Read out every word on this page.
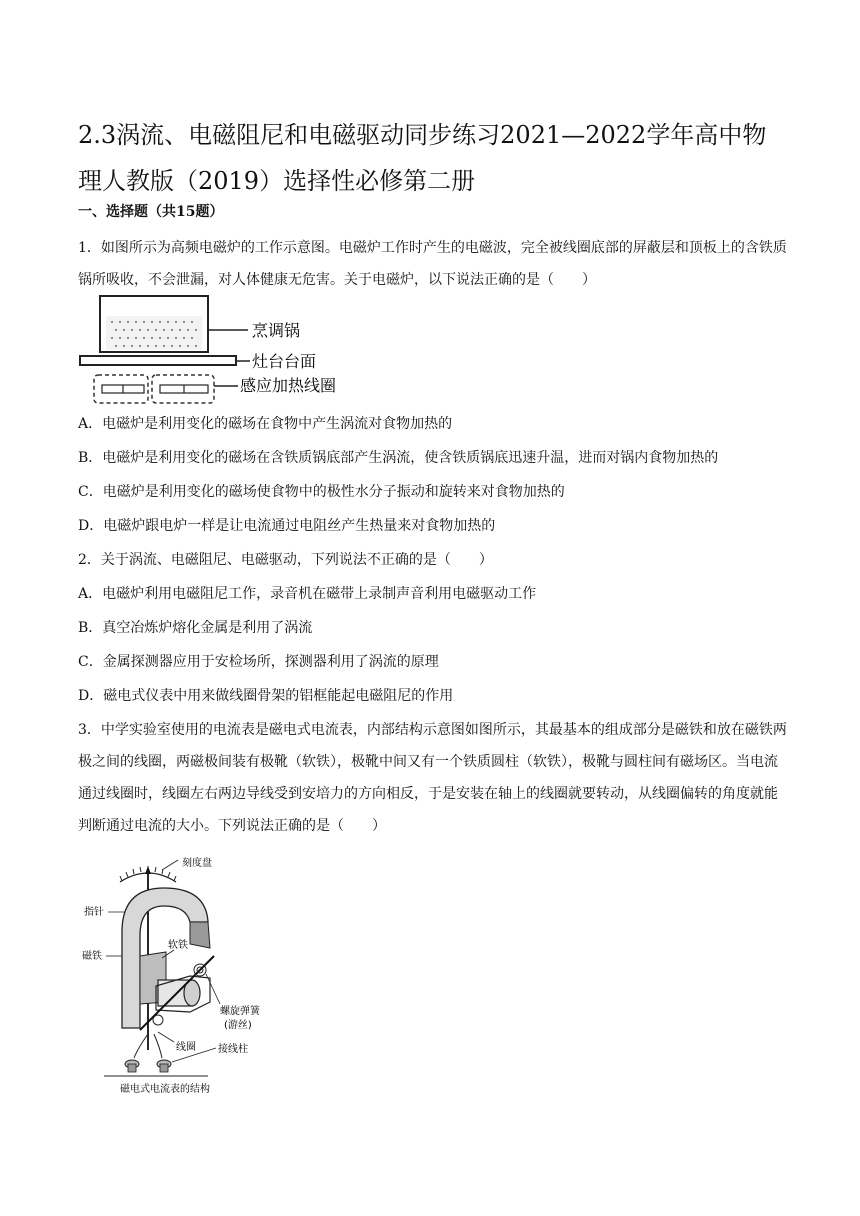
2.3涡流、电磁阻尼和电磁驱动同步练习2021—2022学年高中物理人教版（2019）选择性必修第二册
一、选择题（共15题）

1．如图所示为高频电磁炉的工作示意图。电磁炉工作时产生的电磁波，完全被线圈底部的屏蔽层和顶板上的含铁质锅所吸收，不会泄漏，对人体健康无危害。关于电磁炉，以下说法正确的是（　　）

烹调锅
灶台台面
感应加热线圈

A．电磁炉是利用变化的磁场在食物中产生涡流对食物加热的

B．电磁炉是利用变化的磁场在含铁质锅底部产生涡流，使含铁质锅底迅速升温，进而对锅内食物加热的

C．电磁炉是利用变化的磁场使食物中的极性水分子振动和旋转来对食物加热的

D．电磁炉跟电炉一样是让电流通过电阻丝产生热量来对食物加热的

2．关于涡流、电磁阻尼、电磁驱动，下列说法不正确的是（　　）

A．电磁炉利用电磁阻尼工作，录音机在磁带上录制声音利用电磁驱动工作

B．真空冶炼炉熔化金属是利用了涡流

C．金属探测器应用于安检场所，探测器利用了涡流的原理

D．磁电式仪表中用来做线圈骨架的铝框能起电磁阻尼的作用

3．中学实验室使用的电流表是磁电式电流表，内部结构示意图如图所示，其最基本的组成部分是磁铁和放在磁铁两极之间的线圈，两磁极间装有极靴（软铁），极靴中间又有一个铁质圆柱（软铁），极靴与圆柱间有磁场区。当电流通过线圈时，线圈左右两边导线受到安培力的方向相反，于是安装在轴上的线圈就要转动，从线圈偏转的角度就能判断通过电流的大小。下列说法正确的是（　　）

刻度盘
指针
磁铁
软铁
螺旋弹簧
(游丝)
线圈 接线柱
磁电式电流表的结构
